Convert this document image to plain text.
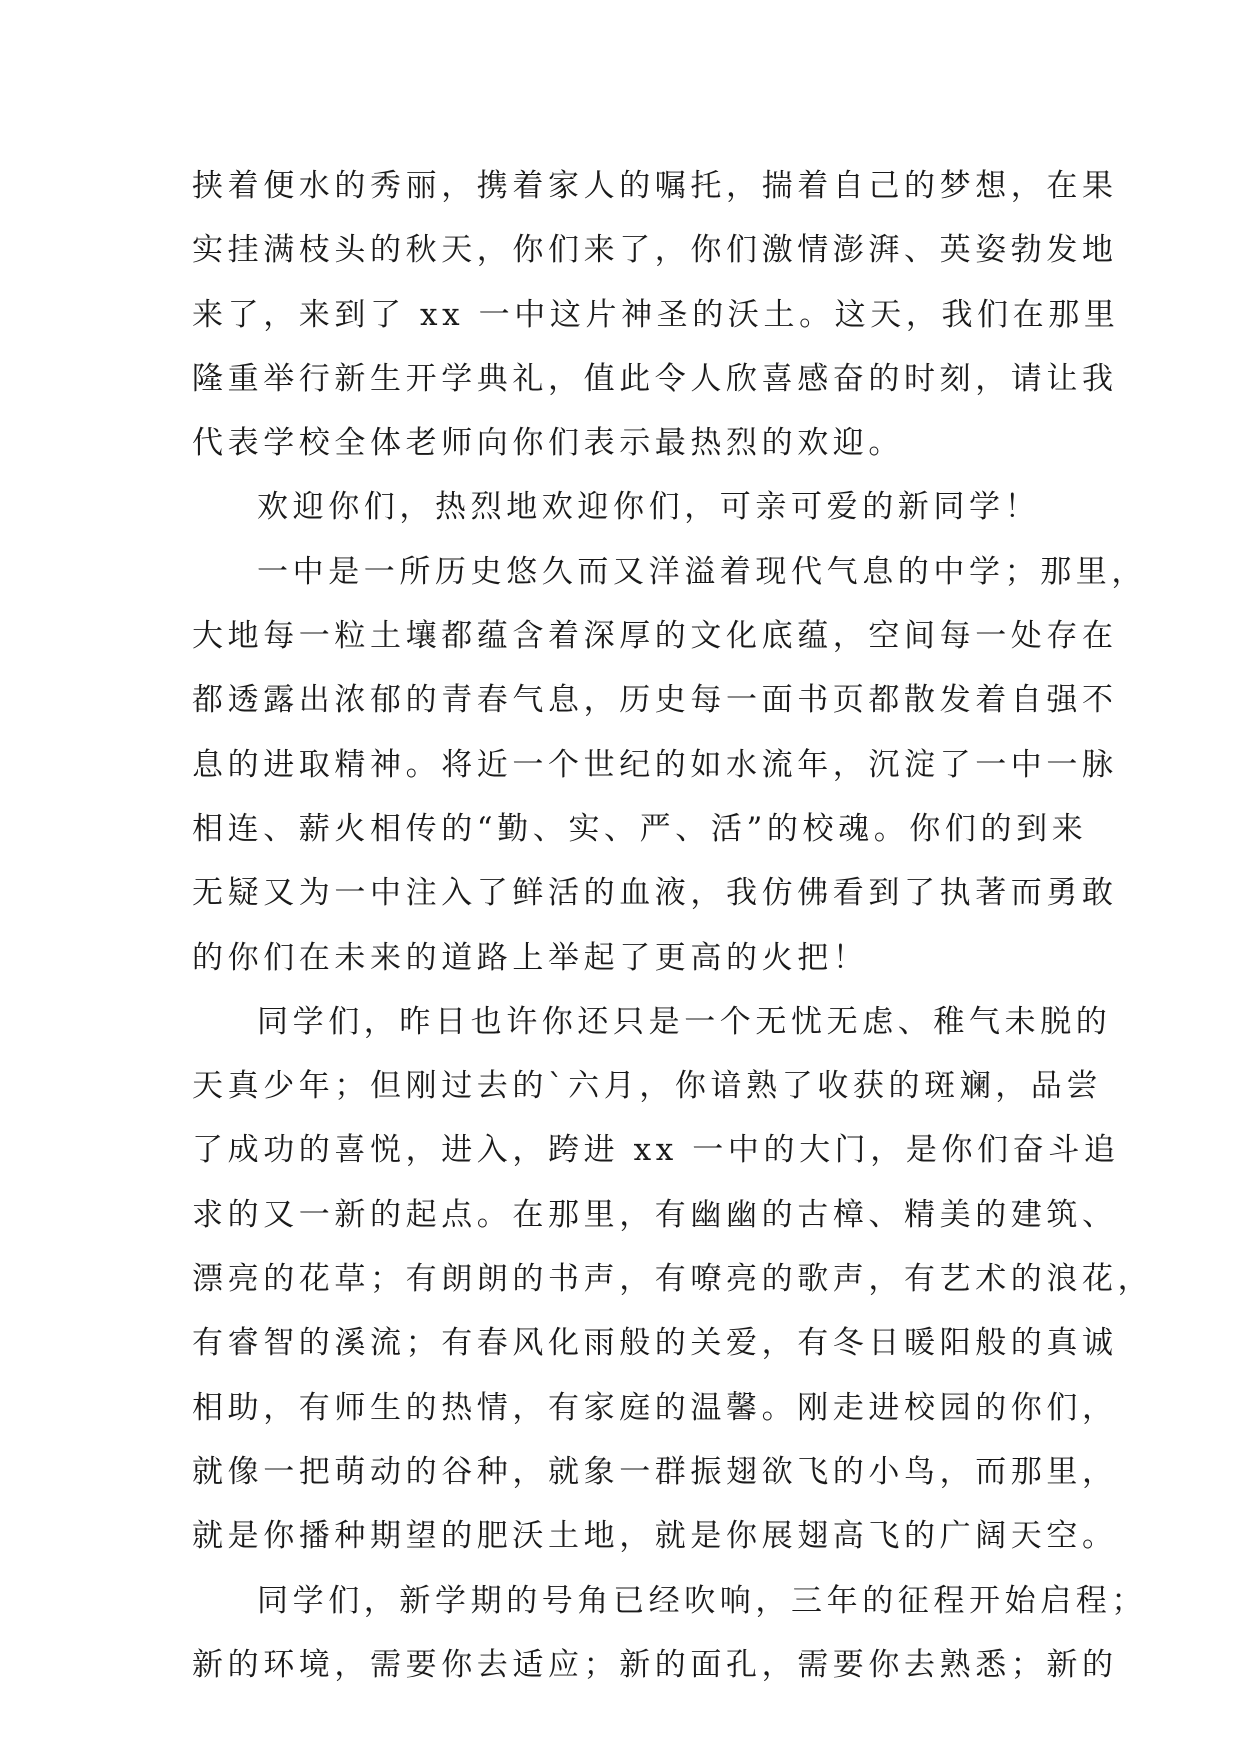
挟着便水的秀丽，携着家人的嘱托，揣着自己的梦想，在果
实挂满枝头的秋天，你们来了，你们激情澎湃、英姿勃发地
来了，来到了 xx 一中这片神圣的沃土。这天，我们在那里
隆重举行新生开学典礼，值此令人欣喜感奋的时刻，请让我
代表学校全体老师向你们表示最热烈的欢迎。
欢迎你们，热烈地欢迎你们，可亲可爱的新同学！
一中是一所历史悠久而又洋溢着现代气息的中学；那里，
大地每一粒土壤都蕴含着深厚的文化底蕴，空间每一处存在
都透露出浓郁的青春气息，历史每一面书页都散发着自强不
息的进取精神。将近一个世纪的如水流年，沉淀了一中一脉
相连、薪火相传的“勤、实、严、活”的校魂。你们的到来
无疑又为一中注入了鲜活的血液，我仿佛看到了执著而勇敢
的你们在未来的道路上举起了更高的火把！
同学们，昨日也许你还只是一个无忧无虑、稚气未脱的
天真少年；但刚过去的`六月，你谙熟了收获的斑斓，品尝
了成功的喜悦，进入，跨进 xx 一中的大门，是你们奋斗追
求的又一新的起点。在那里，有幽幽的古樟、精美的建筑、
漂亮的花草；有朗朗的书声，有嘹亮的歌声，有艺术的浪花，
有睿智的溪流；有春风化雨般的关爱，有冬日暖阳般的真诚
相助，有师生的热情，有家庭的温馨。刚走进校园的你们，
就像一把萌动的谷种，就象一群振翅欲飞的小鸟，而那里，
就是你播种期望的肥沃土地，就是你展翅高飞的广阔天空。
同学们，新学期的号角已经吹响，三年的征程开始启程；
新的环境，需要你去适应；新的面孔，需要你去熟悉；新的
